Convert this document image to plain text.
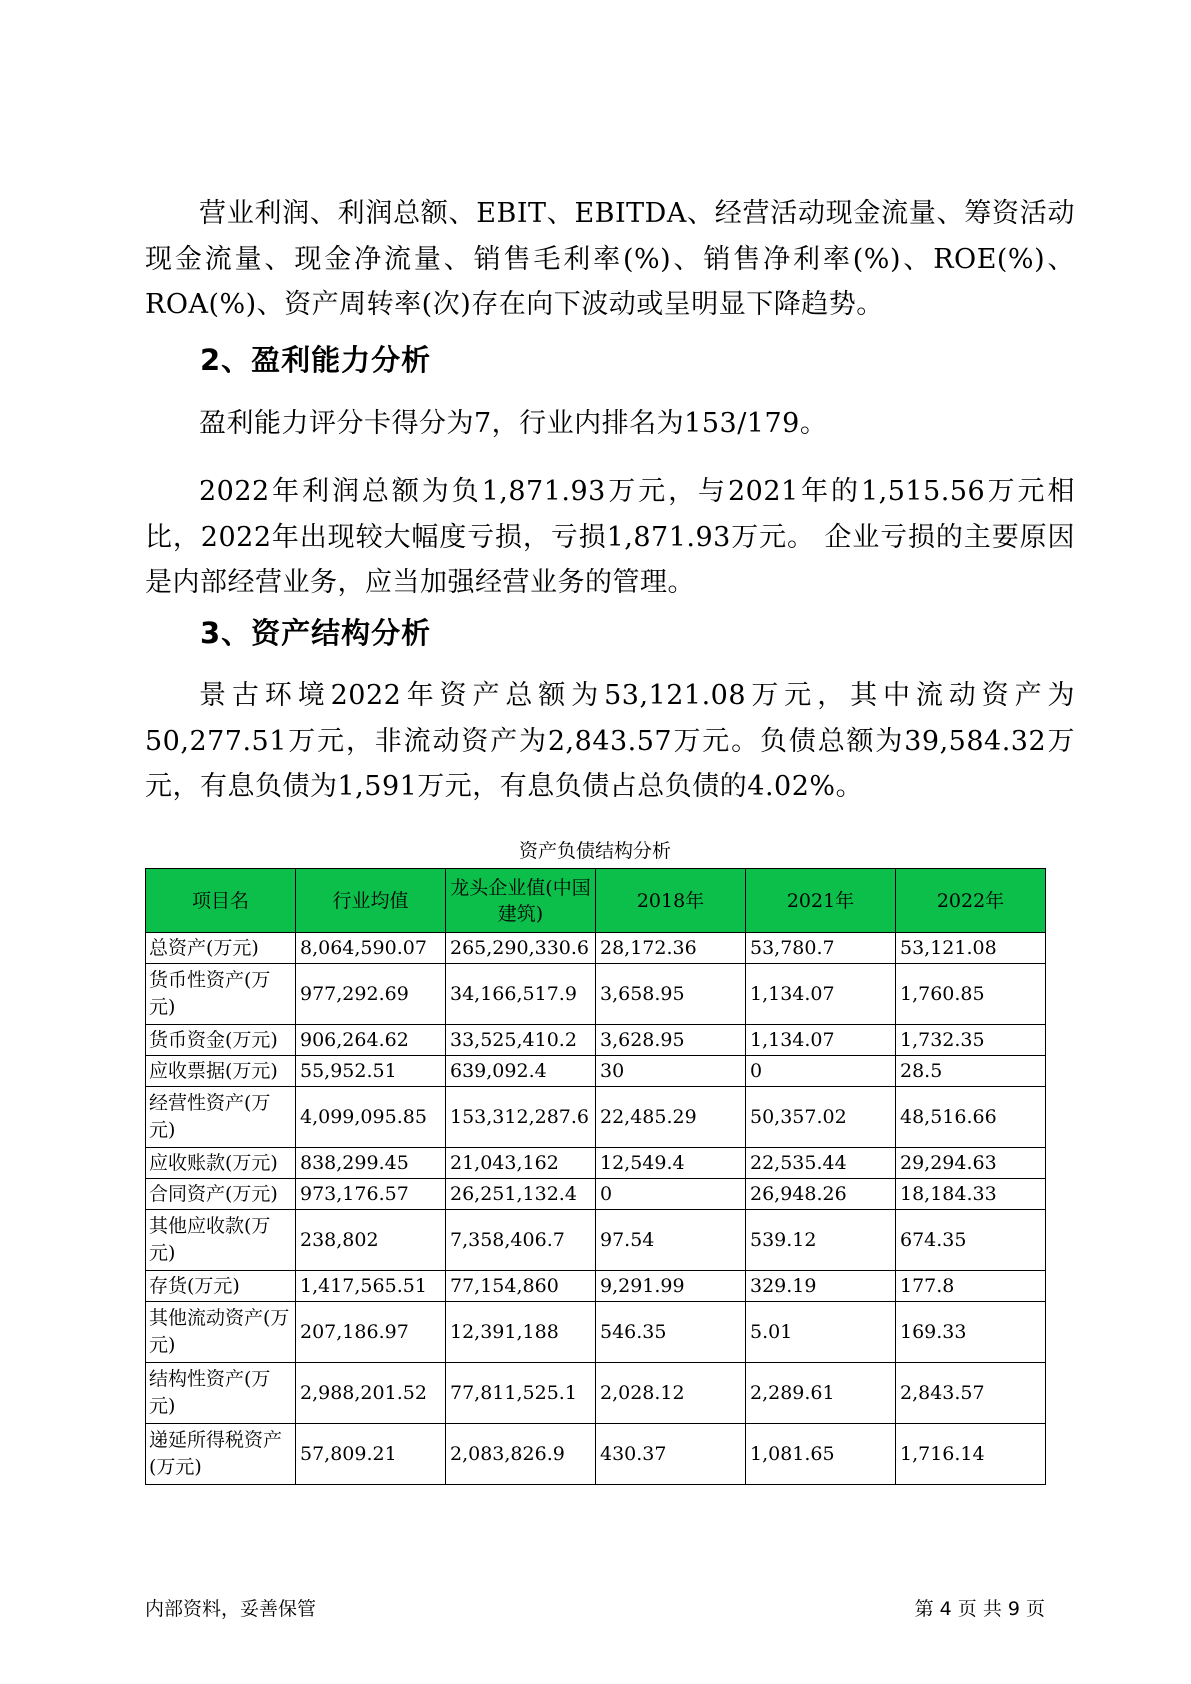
营业利润、利润总额、EBIT、EBITDA、经营活动现金流量、筹资活动现金流量、现金净流量、销售毛利率(%)、销售净利率(%)、ROE(%)、ROA(%)、资产周转率(次)存在向下波动或呈明显下降趋势。

2、盈利能力分析

盈利能力评分卡得分为7，行业内排名为153/179。

2022年利润总额为负1,871.93万元，与2021年的1,515.56万元相比，2022年出现较大幅度亏损，亏损1,871.93万元。 企业亏损的主要原因是内部经营业务，应当加强经营业务的管理。

3、资产结构分析

景古环境2022年资产总额为53,121.08万元，其中流动资产为50,277.51万元，非流动资产为2,843.57万元。负债总额为39,584.32万元，有息负债为1,591万元，有息负债占总负债的4.02%。

资产负债结构分析
项目名	行业均值	龙头企业值(中国建筑)	2018年	2021年	2022年
总资产(万元)	8,064,590.07	265,290,330.6	28,172.36	53,780.7	53,121.08
货币性资产(万元)	977,292.69	34,166,517.9	3,658.95	1,134.07	1,760.85
货币资金(万元)	906,264.62	33,525,410.2	3,628.95	1,134.07	1,732.35
应收票据(万元)	55,952.51	639,092.4	30	0	28.5
经营性资产(万元)	4,099,095.85	153,312,287.6	22,485.29	50,357.02	48,516.66
应收账款(万元)	838,299.45	21,043,162	12,549.4	22,535.44	29,294.63
合同资产(万元)	973,176.57	26,251,132.4	0	26,948.26	18,184.33
其他应收款(万元)	238,802	7,358,406.7	97.54	539.12	674.35
存货(万元)	1,417,565.51	77,154,860	9,291.99	329.19	177.8
其他流动资产(万元)	207,186.97	12,391,188	546.35	5.01	169.33
结构性资产(万元)	2,988,201.52	77,811,525.1	2,028.12	2,289.61	2,843.57
递延所得税资产(万元)	57,809.21	2,083,826.9	430.37	1,081.65	1,716.14
内部资料，妥善保管	第 4 页 共 9 页
